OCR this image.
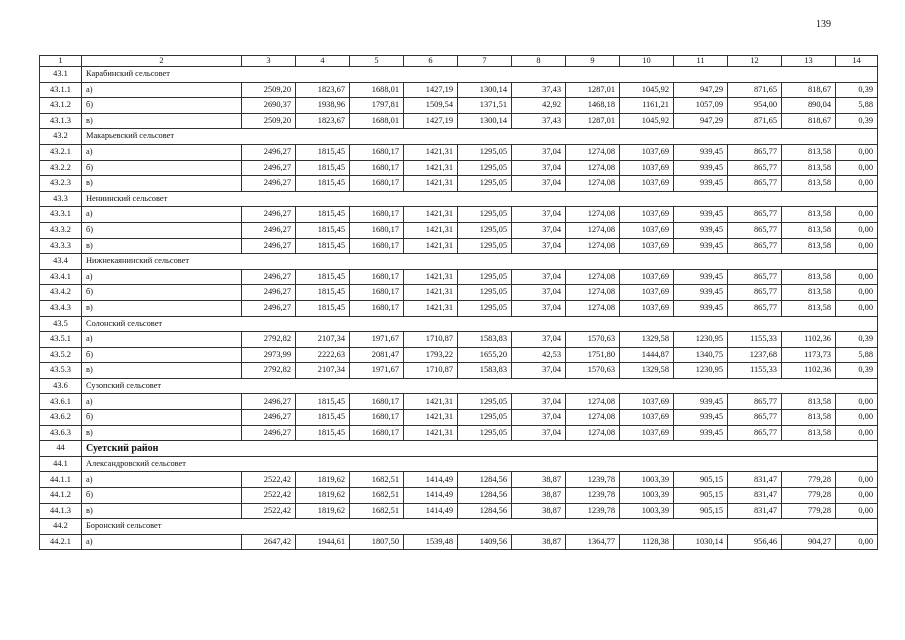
139
1	2	3	4	5	6	7	8	9	10	11	12	13	14
43.1	Карабинский сельсовет												
43.1.1	а)	2509,20	1823,67	1688,01	1427,19	1300,14	37,43	1287,01	1045,92	947,29	871,65	818,67	0,39
43.1.2	б)	2690,37	1938,96	1797,81	1509,54	1371,51	42,92	1468,18	1161,21	1057,09	954,00	890,04	5,88
43.1.3	в)	2509,20	1823,67	1688,01	1427,19	1300,14	37,43	1287,01	1045,92	947,29	871,65	818,67	0,39
43.2	Макарьевский сельсовет												
43.2.1	а)	2496,27	1815,45	1680,17	1421,31	1295,05	37,04	1274,08	1037,69	939,45	865,77	813,58	0,00
43.2.2	б)	2496,27	1815,45	1680,17	1421,31	1295,05	37,04	1274,08	1037,69	939,45	865,77	813,58	0,00
43.2.3	в)	2496,27	1815,45	1680,17	1421,31	1295,05	37,04	1274,08	1037,69	939,45	865,77	813,58	0,00
43.3	Нениинский сельсовет												
43.3.1	а)	2496,27	1815,45	1680,17	1421,31	1295,05	37,04	1274,08	1037,69	939,45	865,77	813,58	0,00
43.3.2	б)	2496,27	1815,45	1680,17	1421,31	1295,05	37,04	1274,08	1037,69	939,45	865,77	813,58	0,00
43.3.3	в)	2496,27	1815,45	1680,17	1421,31	1295,05	37,04	1274,08	1037,69	939,45	865,77	813,58	0,00
43.4	Нижнекаянинский сельсовет												
43.4.1	а)	2496,27	1815,45	1680,17	1421,31	1295,05	37,04	1274,08	1037,69	939,45	865,77	813,58	0,00
43.4.2	б)	2496,27	1815,45	1680,17	1421,31	1295,05	37,04	1274,08	1037,69	939,45	865,77	813,58	0,00
43.4.3	в)	2496,27	1815,45	1680,17	1421,31	1295,05	37,04	1274,08	1037,69	939,45	865,77	813,58	0,00
43.5	Солонский сельсовет												
43.5.1	а)	2792,82	2107,34	1971,67	1710,87	1583,83	37,04	1570,63	1329,58	1230,95	1155,33	1102,36	0,39
43.5.2	б)	2973,99	2222,63	2081,47	1793,22	1655,20	42,53	1751,80	1444,87	1340,75	1237,68	1173,73	5,88
43.5.3	в)	2792,82	2107,34	1971,67	1710,87	1583,83	37,04	1570,63	1329,58	1230,95	1155,33	1102,36	0,39
43.6	Сузопский сельсовет												
43.6.1	а)	2496,27	1815,45	1680,17	1421,31	1295,05	37,04	1274,08	1037,69	939,45	865,77	813,58	0,00
43.6.2	б)	2496,27	1815,45	1680,17	1421,31	1295,05	37,04	1274,08	1037,69	939,45	865,77	813,58	0,00
43.6.3	в)	2496,27	1815,45	1680,17	1421,31	1295,05	37,04	1274,08	1037,69	939,45	865,77	813,58	0,00
44	Суетский район												
44.1	Александровский сельсовет												
44.1.1	а)	2522,42	1819,62	1682,51	1414,49	1284,56	38,87	1239,78	1003,39	905,15	831,47	779,28	0,00
44.1.2	б)	2522,42	1819,62	1682,51	1414,49	1284,56	38,87	1239,78	1003,39	905,15	831,47	779,28	0,00
44.1.3	в)	2522,42	1819,62	1682,51	1414,49	1284,56	38,87	1239,78	1003,39	905,15	831,47	779,28	0,00
44.2	Боронский сельсовет												
44.2.1	а)	2647,42	1944,61	1807,50	1539,48	1409,56	38,87	1364,77	1128,38	1030,14	956,46	904,27	0,00
